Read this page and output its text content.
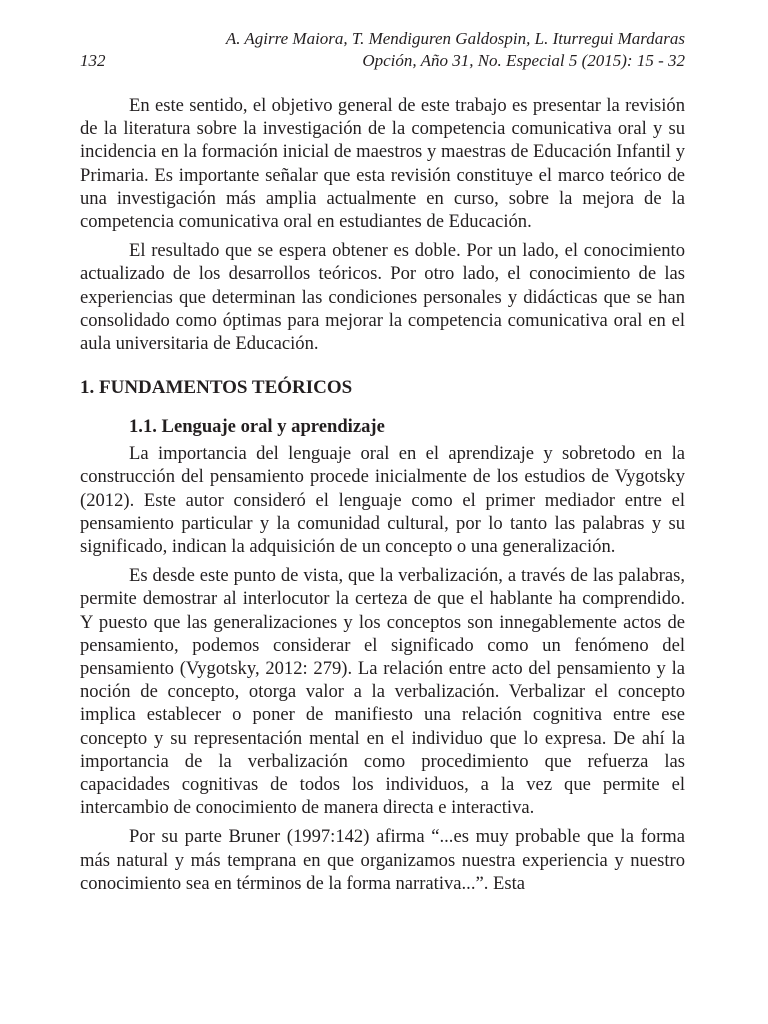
A. Agirre Maiora, T. Mendiguren Galdospin, L. Iturregui Mardaras
132	Opción, Año 31, No. Especial 5 (2015): 15 - 32

En este sentido, el objetivo general de este trabajo es presentar la revisión de la literatura sobre la investigación de la competencia comunicativa oral y su incidencia en la formación inicial de maestros y maestras de Educación Infantil y Primaria. Es importante señalar que esta revisión constituye el marco teórico de una investigación más amplia actualmente en curso, sobre la mejora de la competencia comunicativa oral en estudiantes de Educación.

El resultado que se espera obtener es doble. Por un lado, el conocimiento actualizado de los desarrollos teóricos. Por otro lado, el conocimiento de las experiencias que determinan las condiciones personales y didácticas que se han consolidado como óptimas para mejorar la competencia comunicativa oral en el aula universitaria de Educación.

1. FUNDAMENTOS TEÓRICOS
1.1. Lenguaje oral y aprendizaje

La importancia del lenguaje oral en el aprendizaje y sobretodo en la construcción del pensamiento procede inicialmente de los estudios de Vygotsky (2012). Este autor consideró el lenguaje como el primer mediador entre el pensamiento particular y la comunidad cultural, por lo tanto las palabras y su significado, indican la adquisición de un concepto o una generalización.

Es desde este punto de vista, que la verbalización, a través de las palabras, permite demostrar al interlocutor la certeza de que el hablante ha comprendido. Y puesto que las generalizaciones y los conceptos son innegablemente actos de pensamiento, podemos considerar el significado como un fenómeno del pensamiento (Vygotsky, 2012: 279). La relación entre acto del pensamiento y la noción de concepto, otorga valor a la verbalización. Verbalizar el concepto implica establecer o poner de manifiesto una relación cognitiva entre ese concepto y su representación mental en el individuo que lo expresa. De ahí la importancia de la verbalización como procedimiento que refuerza las capacidades cognitivas de todos los individuos, a la vez que permite el intercambio de conocimiento de manera directa e interactiva.

Por su parte Bruner (1997:142) afirma “...es muy probable que la forma más natural y más temprana en que organizamos nuestra experiencia y nuestro conocimiento sea en términos de la forma narrativa...”. Esta
